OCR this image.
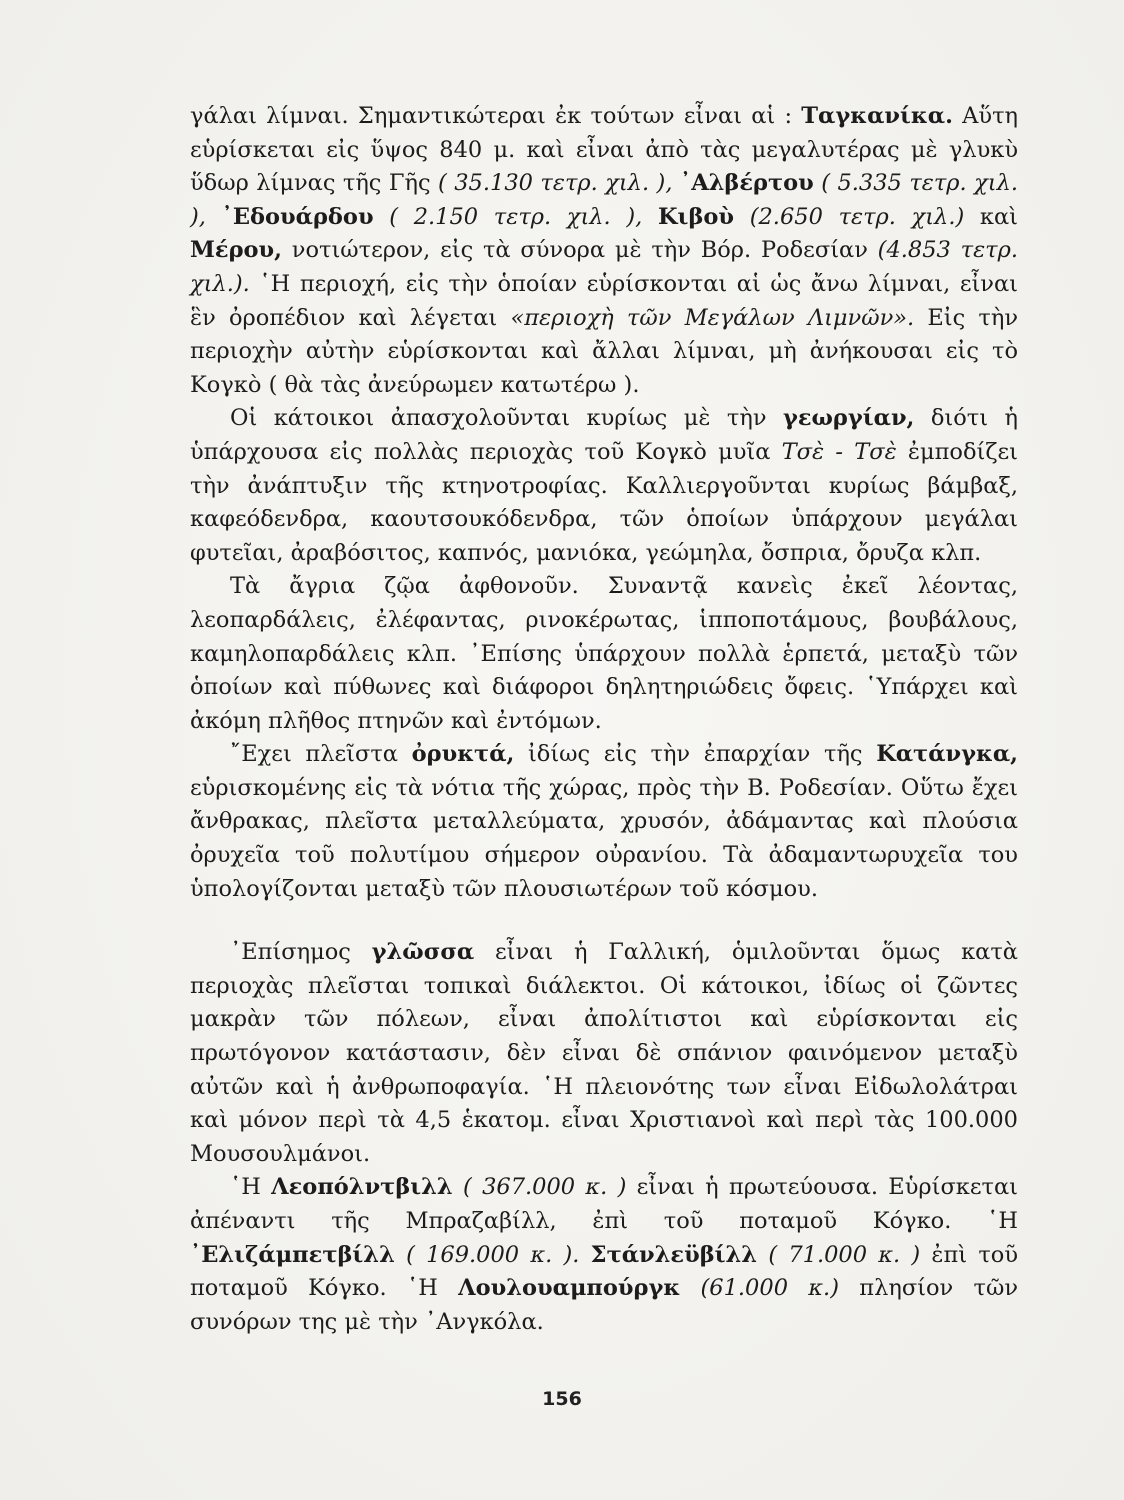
γάλαι λίμναι. Σημαντικώτεραι ἐκ τούτων εἶναι αἱ : Ταγκανίκα. Αὕτη εὑρίσκεται εἰς ὕψος 840 μ. καὶ εἶναι ἀπὸ τὰς μεγαλυτέρας μὲ γλυκὺ ὕδωρ λίμνας τῆς Γῆς ( 35.130 τετρ. χιλ. ), ᾿Αλβέρτου ( 5.335 τετρ. χιλ. ), ᾿Εδουάρδου ( 2.150 τετρ. χιλ. ), Κιβοὺ (2.650 τετρ. χιλ.) καὶ Μέρου, νοτιώτερον, εἰς τὰ σύνορα μὲ τὴν Βόρ. Ροδεσίαν (4.853 τετρ. χιλ.). ῾Η περιοχή, εἰς τὴν ὁποίαν εὑρίσκονται αἱ ὡς ἄνω λίμναι, εἶναι ἓν ὀροπέδιον καὶ λέγεται «περιοχὴ τῶν Μεγάλων Λιμνῶν». Εἰς τὴν περιοχὴν αὐτὴν εὑρίσκονται καὶ ἄλλαι λίμναι, μὴ ἀνήκουσαι εἰς τὸ Κογκὸ ( θὰ τὰς ἀνεύρωμεν κατωτέρω ).

Οἱ κάτοικοι ἀπασχολοῦνται κυρίως μὲ τὴν γεωργίαν, διότι ἡ ὑπάρχουσα εἰς πολλὰς περιοχὰς τοῦ Κογκὸ μυῖα Τσὲ - Τσὲ ἐμποδίζει τὴν ἀνάπτυξιν τῆς κτηνοτροφίας. Καλλιεργοῦνται κυρίως βάμβαξ, καφεόδενδρα, καουτσουκόδενδρα, τῶν ὁποίων ὑπάρχουν μεγάλαι φυτεῖαι, ἀραβόσιτος, καπνός, μανιόκα, γεώμηλα, ὄσπρια, ὄρυζα κλπ.

Τὰ ἄγρια ζῷα ἀφθονοῦν. Συναντᾷ κανεὶς ἐκεῖ λέοντας, λεοπαρδάλεις, ἐλέφαντας, ρινοκέρωτας, ἱπποποτάμους, βουβάλους, καμηλοπαρδάλεις κλπ. ᾿Επίσης ὑπάρχουν πολλὰ ἑρπετά, μεταξὺ τῶν ὁποίων καὶ πύθωνες καὶ διάφοροι δηλητηριώδεις ὄφεις. ῾Υπάρχει καὶ ἀκόμη πλῆθος πτηνῶν καὶ ἐντόμων.

῎Εχει πλεῖστα ὀρυκτά, ἰδίως εἰς τὴν ἐπαρχίαν τῆς Κατάνγκα, εὑρισκομένης εἰς τὰ νότια τῆς χώρας, πρὸς τὴν Β. Ροδεσίαν. Οὕτω ἔχει ἄνθρακας, πλεῖστα μεταλλεύματα, χρυσόν, ἀδάμαντας καὶ πλούσια ὀρυχεῖα τοῦ πολυτίμου σήμερον οὐρανίου. Τὰ ἀδαμαντωρυχεῖα του ὑπολογίζονται μεταξὺ τῶν πλουσιωτέρων τοῦ κόσμου.

᾿Επίσημος γλῶσσα εἶναι ἡ Γαλλική, ὁμιλοῦνται ὅμως κατὰ περιοχὰς πλεῖσται τοπικαὶ διάλεκτοι. Οἱ κάτοικοι, ἰδίως οἱ ζῶντες μακρὰν τῶν πόλεων, εἶναι ἀπολίτιστοι καὶ εὑρίσκονται εἰς πρωτόγονον κατάστασιν, δὲν εἶναι δὲ σπάνιον φαινόμενον μεταξὺ αὐτῶν καὶ ἡ ἀνθρωποφαγία. ῾Η πλειονότης των εἶναι Εἰδωλολάτραι καὶ μόνον περὶ τὰ 4,5 ἑκατομ. εἶναι Χριστιανοὶ καὶ περὶ τὰς 100.000 Μουσουλμάνοι.

῾Η Λεοπόλντβιλλ ( 367.000 κ. ) εἶναι ἡ πρωτεύουσα. Εὑρίσκεται ἀπέναντι τῆς Μπραζαβίλλ, ἐπὶ τοῦ ποταμοῦ Κόγκο. ῾Η ᾿Ελιζάμπετβίλλ ( 169.000 κ. ). Στάνλεϋβίλλ ( 71.000 κ. ) ἐπὶ τοῦ ποταμοῦ Κόγκο. ῾Η Λουλουαμπούργκ (61.000 κ.) πλησίον τῶν συνόρων της μὲ τὴν ᾿Ανγκόλα.

156
